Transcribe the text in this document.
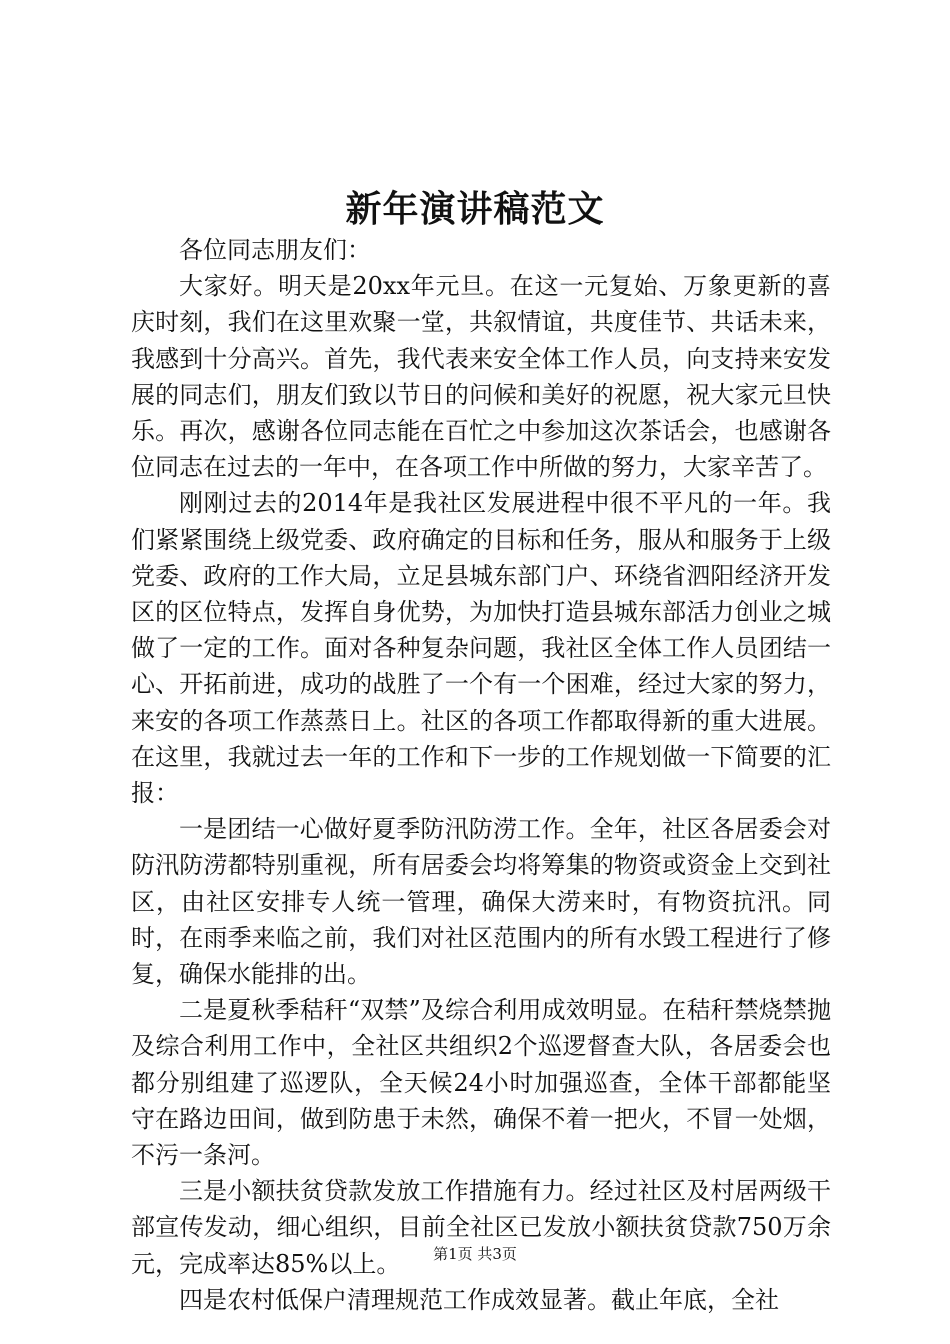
新年演讲稿范文

各位同志朋友们：

大家好。明天是20xx年元旦。在这一元复始、万象更新的喜庆时刻，我们在这里欢聚一堂，共叙情谊，共度佳节、共话未来，我感到十分高兴。首先，我代表来安全体工作人员，向支持来安发展的同志们，朋友们致以节日的问候和美好的祝愿，祝大家元旦快乐。再次，感谢各位同志能在百忙之中参加这次茶话会，也感谢各位同志在过去的一年中，在各项工作中所做的努力，大家辛苦了。

刚刚过去的2014年是我社区发展进程中很不平凡的一年。我们紧紧围绕上级党委、政府确定的目标和任务，服从和服务于上级党委、政府的工作大局，立足县城东部门户、环绕省泗阳经济开发区的区位特点，发挥自身优势，为加快打造县城东部活力创业之城做了一定的工作。面对各种复杂问题，我社区全体工作人员团结一心、开拓前进，成功的战胜了一个有一个困难，经过大家的努力，来安的各项工作蒸蒸日上。社区的各项工作都取得新的重大进展。在这里，我就过去一年的工作和下一步的工作规划做一下简要的汇报：

一是团结一心做好夏季防汛防涝工作。全年，社区各居委会对防汛防涝都特别重视，所有居委会均将筹集的物资或资金上交到社区，由社区安排专人统一管理，确保大涝来时，有物资抗汛。同时，在雨季来临之前，我们对社区范围内的所有水毁工程进行了修复，确保水能排的出。

二是夏秋季秸秆“双禁”及综合利用成效明显。在秸秆禁烧禁抛及综合利用工作中，全社区共组织2个巡逻督查大队，各居委会也都分别组建了巡逻队，全天候24小时加强巡查，全体干部都能坚守在路边田间，做到防患于未然，确保不着一把火，不冒一处烟，不污一条河。

三是小额扶贫贷款发放工作措施有力。经过社区及村居两级干部宣传发动，细心组织，目前全社区已发放小额扶贫贷款750万余元，完成率达85%以上。

四是农村低保户清理规范工作成效显著。截止年底，全社

第1页 共3页
